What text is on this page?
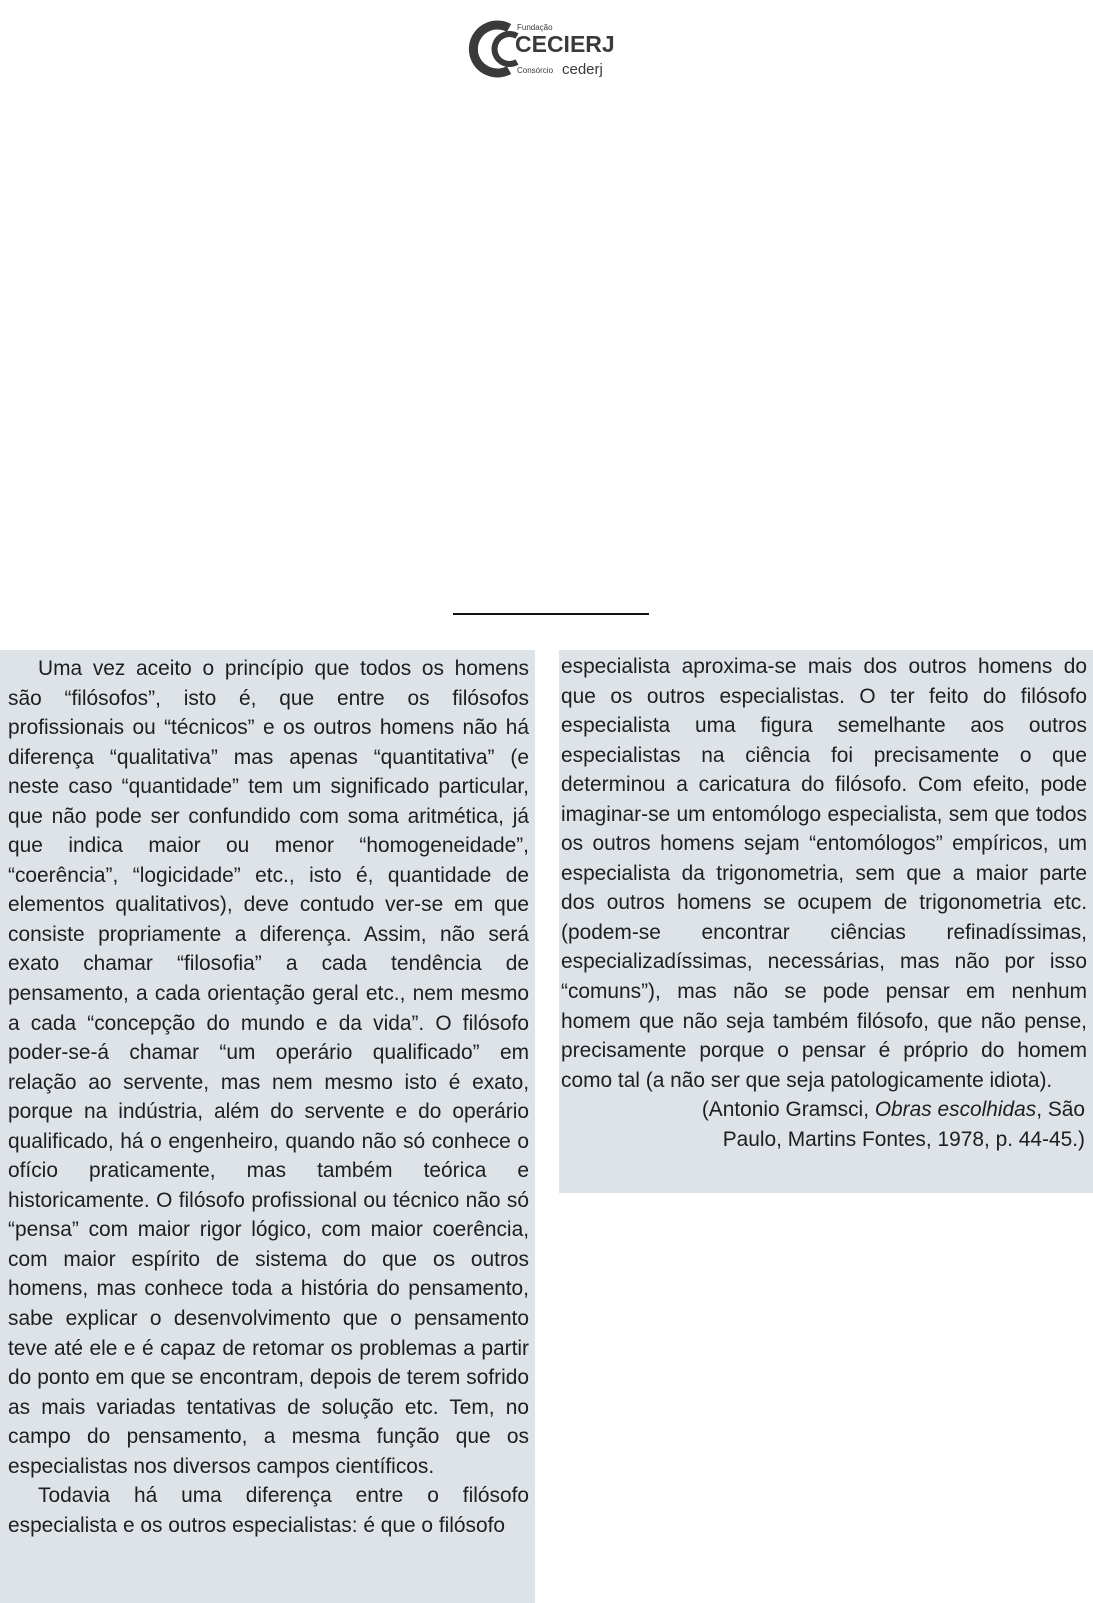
Fundação
CECIERJ
Consórcio cederj

Uma vez aceito o princípio que todos os homens são “filósofos”, isto é, que entre os filósofos profissionais ou “técnicos” e os outros homens não há diferença “qualitativa” mas apenas “quantitativa” (e neste caso “quantidade” tem um significado particular, que não pode ser confundido com soma aritmética, já que indica maior ou menor “homogeneidade”, “coerência”, “logicidade” etc., isto é, quantidade de elementos qualitativos), deve contudo ver-se em que consiste propriamente a diferença. Assim, não será exato chamar “filosofia” a cada tendência de pensamento, a cada orientação geral etc., nem mesmo a cada “concepção do mundo e da vida”. O filósofo poder-se-á chamar “um operário qualificado” em relação ao servente, mas nem mesmo isto é exato, porque na indústria, além do servente e do operário qualificado, há o engenheiro, quando não só conhece o ofício praticamente, mas também teórica e historicamente. O filósofo profissional ou técnico não só “pensa” com maior rigor lógico, com maior coerência, com maior espírito de sistema do que os outros homens, mas conhece toda a história do pensamento, sabe explicar o desenvolvimento que o pensamento teve até ele e é capaz de retomar os problemas a partir do ponto em que se encontram, depois de terem sofrido as mais variadas tentativas de solução etc. Tem, no campo do pensamento, a mesma função que os especialistas nos diversos campos científicos.

Todavia há uma diferença entre o filósofo especialista e os outros especialistas: é que o filósofo

especialista aproxima-se mais dos outros homens do que os outros especialistas. O ter feito do filósofo especialista uma figura semelhante aos outros especialistas na ciência foi precisamente o que determinou a caricatura do filósofo. Com efeito, pode imaginar-se um entomólogo especialista, sem que todos os outros homens sejam “entomólogos” empíricos, um especialista da trigonometria, sem que a maior parte dos outros homens se ocupem de trigonometria etc. (podem-se encontrar ciências refinadíssimas, especializadíssimas, necessárias, mas não por isso “comuns”), mas não se pode pensar em nenhum homem que não seja também filósofo, que não pense, precisamente porque o pensar é próprio do homem como tal (a não ser que seja patologicamente idiota).

(Antonio Gramsci, Obras escolhidas, São

Paulo, Martins Fontes, 1978, p. 44-45.)
